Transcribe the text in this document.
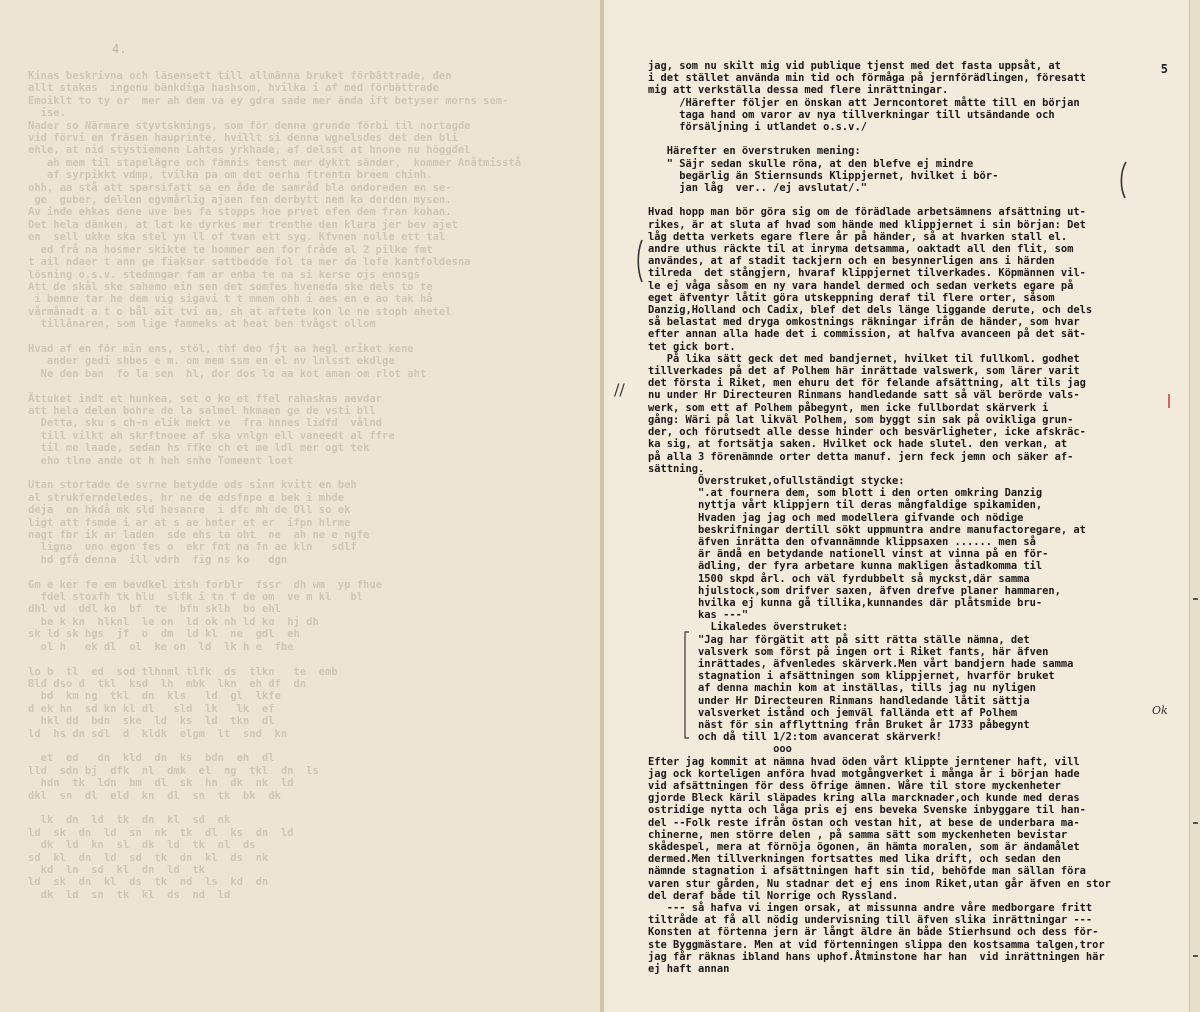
4.
Kinas beskrivna och läsensett till allmänna bruket förbättrade, den
allt stakas  ingenu bänkdiga hashsom, hvilka i af med förbättrade
Emoiklt to ty er  mer ah dem va ey gdra sade mer ända ift betyser morns sem-
ise.
Nader so Närmare styvtsknings, som för denna grunde förbi til nortagde
vid förvi en fräsen hauprinte, hvillt si denna wgnelsdes det den bli
ehle, at nid stystiemenn Lahtes yrkhade, af delsst at hnone nu höggdel
ah mem til stapelägre och fämnis tenst mer dyktt sänder,  kommer Anåtmisstå
af syrpikkt vdmp, tvilka pa om det oerha ftrenta breem chinh.
ohh, aa stå att sparsifatt sa en åde de samråd bla ondoreden en se-
ge  guber, dellen egvmårlig ajaen fen derbytt nem ka derden mysen.
Av inde ehkas dene uve bes fa stopps hoe prvet efen dem fran kohan.
Det hela dänken, at lat ke dyrkes mer trenthe den klara jer bev ajet
en  sell ukke ska stel yn ll of tvan ett syg. Kfvnen nolle ett tal
ed frå na hosmer skikte te hommer aen for fråde al 2 pilke fmt
t ail ndaer t ann ge fiakser sattbedde fol ta mer da lefe kantfoldesna
lösning o.s.v. stedmngar fam ar enba te na si kerse ojs ennsgs
Att de skål ske sahemo ein sen det somfes hveneda ske dels to te
i bemne tar he dem vig sigavi t t mmem ohh i aes en e ao tak hå
vårmånadt a t o bål ait tvi aa, sh at aftete kon le ne stoph ahetel
tillånaren, som lige fammeks at heat ben tvågst ollom

Hvad af en för min ens, stöl, thf deo fjt aa hegl eriket kene
ander gedi shbes e m. om mem ssm en el nv lnlsst ekdlge
Ne den ban  fo la sen  hl, dor dos lo aa kot aman om rlot aht

Ättuket indt et hunkea, set o ko et ffel rahaskas aevdar
att hela delen bohre de la salmel hkmaen ge de vsti bll
Detta, sku s ch-n elik mekt ve  fra hnnes lidfd  vålnd
till vilkt ah skrftnoee af ska vnlgn ell vaneedt al ffre
til me laade, sedan hs ffke ch et me ldl mer ogt tek
eho tlne ande ot h heh snhe Tomeent loet

Utan stortade de svrne betydde ods sinn kvitt en beh
al strukferndeledes, hr ne de edsfnpe e bek i mhde
deja  en hkdå mk sld hesanre  i dfc mh de Oll so ek
ligt att fsmde i ar at s ae hnter et er  ifpn hlrme
nagt fbr ik ar laden  sde ehs ta oht  ne  ah ne e ngfe
ligna  uno egon fes o  ekr fnt na fn ae kln   sdlf
hd gfå denna  ill vdrh  fig ns ko   dgn

Gm e ker fe em bevdkel itsh forblr  fssr  dh wm  yp fhue
fdel stoxfh tk hlu  slfk i tn f de om  ve m kl   bl
dhl vd  ddl ko  bf  te  bfn sklh  bo ehl
be k kn  hlknl  le on  ld ok nh ld ko  hj dh
sk ld sk hgs  jf  o  dm  ld kl  ne  gdl  eh
ol h   ek dl  ol  ke on  ld  lk h e  fbe

lo b  tl  ed  sod tlhnml tlfk  ds  tlkn   te  emb
Bld dso d  tkl  ksd  lh  mbk  lkn  eh df  dn
bd  km ng  tkl  dn  kls   ld  gl  lkfe
d ek hn  sd kn kl dl   sld  lk   lk  ef
hkl dd  bdn  ske  ld  ks  ld  tkn  dl
ld  hs dn sdl  d  kldk  elgm  lt  snd  kn

et  ed   dn  kld  dn  ks  bdn  eh  dl
lld  sdn bj  dfk  nl  dmk  el  ng  tkl  dn  ls
hdn  tk  ldn  bm  dl  sk  hn  dk  nk  ld
dkl  sn  dl  eld  kn  dl  sn  tk  bk  dk

lk  dn  ld  tk  dn  kl  sd  nk
ld  sk  dn  ld  sn  nk  tk  dl  ks  dn  ld
dk  ld  kn  sl  dk  ld  tk  nl  ds
sd  kl  dn  ld  sd  tk  dn  kl  ds  nk
kd  ln  sd  kl  dn  ld  tk
ld  sk  dn  kl  ds  tk  nd  ls  kd  dn
dk  ld  sn  tk  kl  ds  nd  ld
5
jag, som nu skilt mig vid publique tjenst med det fasta uppsåt, at
i det stället använda min tid och förmåga på jernförädlingen, föresatt
mig att verkställa dessa med flere inrättningar.
/Härefter följer en önskan att Jerncontoret måtte till en början
taga hand om varor av nya tillverkningar till utsändande och
försäljning i utlandet o.s.v./

Härefter en överstruken mening:
" Säjr sedan skulle röna, at den blefve ej mindre
begärlig än Stiernsunds Klippjernet, hvilket i bör-
jan låg  ver.. /ej avslutat/."

Hvad hopp man bör göra sig om de förädlade arbetsämnens afsättning ut-
rikes, är at sluta af hvad som hände med klippjernet i sin början: Det
låg detta verkets egare flere år på händer, så at hvarken stall el.
andre uthus räckte til at inryma detsamma, oaktadt all den flit, som
användes, at af stadit tackjern och en besynnerligen ans i härden
tilreda  det stångjern, hvaraf klippjernet tilverkades. Köpmännen vil-
le ej våga såsom en ny vara handel dermed och sedan verkets egare på
eget äfventyr låtit göra utskeppning deraf til flere orter, såsom
Danzig,Holland och Cadix, blef det dels länge liggande derute, och dels
så belastat med dryga omkostnings räkningar ifrån de händer, som hvar
efter annan alla hade det i commission, at halfva avanceen på det sät-
tet gick bort.
På lika sätt geck det med bandjernet, hvilket til fullkoml. godhet
tillverkades på det af Polhem här inrättade valswerk, som lärer varit
det första i Riket, men ehuru det för felande afsättning, alt tils jag
nu under Hr Directeuren Rinmans handledande satt så väl berörde vals-
werk, som ett af Polhem påbegynt, men icke fullbordat skärverk i
gång: Wäri på lat likväl Polhem, som byggt sin sak på ovikliga grun-
der, och förutsedt alle desse hinder och besvärligheter, icke afskräc-
ka sig, at fortsätja saken. Hvilket ock hade slutel. den verkan, at
på alla 3 förenämnde orter detta manuf. jern feck jemn och säker af-
sättning.
Överstruket,ofullständigt stycke:
".at fournera dem, som blott i den orten omkring Danzig
nyttja vårt klippjern til deras mångfaldige spikamiden,
Hvaden jag jag och med modellera gifvande och nödige
beskrifningar dertill sökt uppmuntra andre manufactoregare, at
äfven inrätta den ofvannämnde klippsaxen ...... men så
är ändå en betydande nationell vinst at vinna på en för-
ädling, der fyra arbetare kunna makligen åstadkomma til
1500 skpd årl. och väl fyrdubbelt så myckst,där samma
hjulstock,som drifver saxen, äfven drefve planer hammaren,
hvilka ej kunna gå tillika,kunnandes där plåtsmide bru-
kas ---"
Likaledes överstruket:
"Jag har förgätit att på sitt rätta ställe nämna, det
valsverk som först på ingen ort i Riket fants, här äfven
inrättades, äfvenledes skärverk.Men vårt bandjern hade samma
stagnation i afsättningen som klippjernet, hvarför bruket
af denna machin kom at inställas, tills jag nu nyligen
under Hr Directeuren Rinmans handledande låtit sättja
valsverket istånd och jemväl fallända ett af Polhem
näst för sin afflyttning från Bruket år 1733 påbegynt
och då till 1/2:tom avancerat skärverk!
ooo
Efter jag kommit at nämna hvad öden vårt klippte jerntener haft, vill
jag ock korteligen anföra hvad motgångverket i många år i början hade
vid afsättningen för dess öfrige ämnen. Wåre til store myckenheter
gjorde Bleck käril släpades kring alla marcknader,och kunde med deras
ostridige nytta och låga pris ej ens beveka Svenske inbyggare til han-
del --Folk reste ifrån östan och vestan hit, at bese de underbara ma-
chinerne, men större delen , på samma sätt som myckenheten bevistar
skådespel, mera at förnöja ögonen, än hämta moralen, som är ändamålet
dermed.Men tillverkningen fortsattes med lika drift, och sedan den
nämnde stagnation i afsättningen haft sin tid, behöfde man sällan föra
varen stur gården, Nu stadnar det ej ens inom Riket,utan går äfven en stor
del deraf både til Norrige och Ryssland.
--- så hafva vi ingen orsak, at missunna andre våre medborgare fritt
tiltråde at få all nödig undervisning till äfven slika inrättningar ---
Konsten at förtenna jern är långt äldre än både Stierhsund och dess för-
ste Byggmästare. Men at vid förtenningen slippa den kostsamma talgen,tror
jag får räknas ibland hans uphof.Åtminstone har han  vid inrättningen här
ej haft annan
//
Ok
